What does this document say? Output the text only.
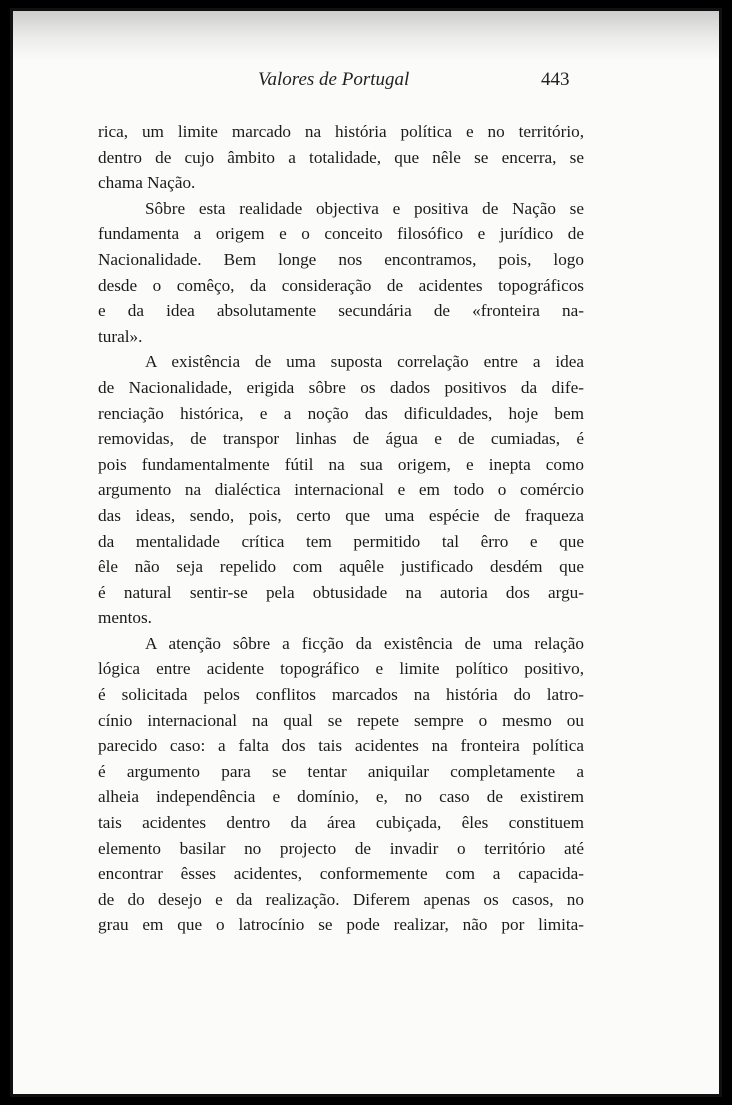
Valores de Portugal	443
rica, um limite marcado na história política e no território,
dentro de cujo âmbito a totalidade, que nêle se encerra, se
chama Nação.
Sôbre esta realidade objectiva e positiva de Nação se
fundamenta a origem e o conceito filosófico e jurídico de
Nacionalidade. Bem longe nos encontramos, pois, logo
desde o comêço, da consideração de acidentes topográficos
e da idea absolutamente secundária de «fronteira na-
tural».
A existência de uma suposta correlação entre a idea
de Nacionalidade, erigida sôbre os dados positivos da dife-
renciação histórica, e a noção das dificuldades, hoje bem
removidas, de transpor linhas de água e de cumiadas, é
pois fundamentalmente fútil na sua origem, e inepta como
argumento na dialéctica internacional e em todo o comércio
das ideas, sendo, pois, certo que uma espécie de fraqueza
da mentalidade crítica tem permitido tal êrro e que
êle não seja repelido com aquêle justificado desdém que
é natural sentir-se pela obtusidade na autoria dos argu-
mentos.
A atenção sôbre a ficção da existência de uma relação
lógica entre acidente topográfico e limite político positivo,
é solicitada pelos conflitos marcados na história do latro-
cínio internacional na qual se repete sempre o mesmo ou
parecido caso: a falta dos tais acidentes na fronteira política
é argumento para se tentar aniquilar completamente a
alheia independência e domínio, e, no caso de existirem
tais acidentes dentro da área cubiçada, êles constituem
elemento basilar no projecto de invadir o território até
encontrar êsses acidentes, conformemente com a capacida-
de do desejo e da realização. Diferem apenas os casos, no
grau em que o latrocínio se pode realizar, não por limita-
